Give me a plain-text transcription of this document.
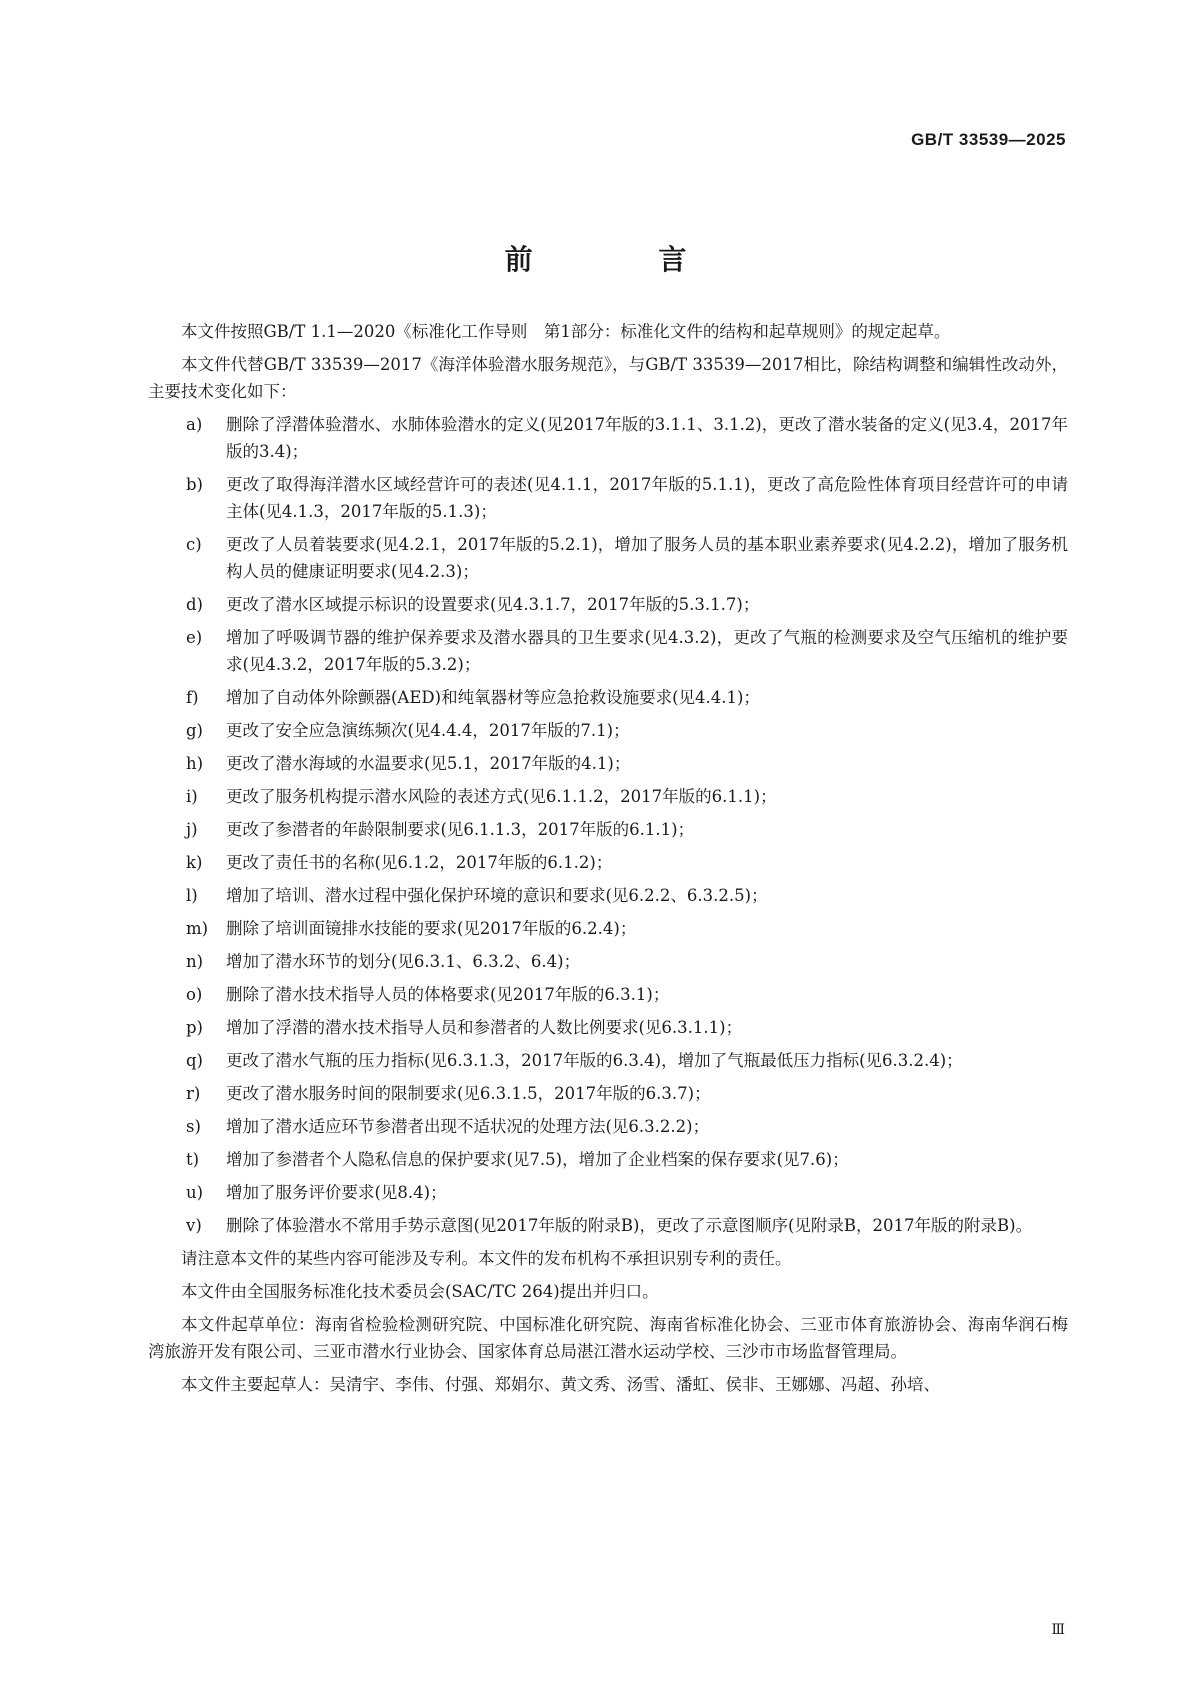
GB/T 33539—2025
前 言

本文件按照GB/T 1.1—2020《标准化工作导则　第1部分：标准化文件的结构和起草规则》的规定起草。

本文件代替GB/T 33539—2017《海洋体验潜水服务规范》，与GB/T 33539—2017相比，除结构调整和编辑性改动外，主要技术变化如下：

a)	删除了浮潜体验潜水、水肺体验潜水的定义(见2017年版的3.1.1、3.1.2)，更改了潜水装备的定义(见3.4，2017年版的3.4)；
b)	更改了取得海洋潜水区域经营许可的表述(见4.1.1，2017年版的5.1.1)，更改了高危险性体育项目经营许可的申请主体(见4.1.3，2017年版的5.1.3)；
c)	更改了人员着装要求(见4.2.1，2017年版的5.2.1)，增加了服务人员的基本职业素养要求(见4.2.2)，增加了服务机构人员的健康证明要求(见4.2.3)；
d)	更改了潜水区域提示标识的设置要求(见4.3.1.7，2017年版的5.3.1.7)；
e)	增加了呼吸调节器的维护保养要求及潜水器具的卫生要求(见4.3.2)，更改了气瓶的检测要求及空气压缩机的维护要求(见4.3.2，2017年版的5.3.2)；
f)	增加了自动体外除颤器(AED)和纯氧器材等应急抢救设施要求(见4.4.1)；
g)	更改了安全应急演练频次(见4.4.4，2017年版的7.1)；
h)	更改了潜水海域的水温要求(见5.1，2017年版的4.1)；
i)	更改了服务机构提示潜水风险的表述方式(见6.1.1.2，2017年版的6.1.1)；
j)	更改了参潜者的年龄限制要求(见6.1.1.3，2017年版的6.1.1)；
k)	更改了责任书的名称(见6.1.2，2017年版的6.1.2)；
l)	增加了培训、潜水过程中强化保护环境的意识和要求(见6.2.2、6.3.2.5)；
m)	删除了培训面镜排水技能的要求(见2017年版的6.2.4)；
n)	增加了潜水环节的划分(见6.3.1、6.3.2、6.4)；
o)	删除了潜水技术指导人员的体格要求(见2017年版的6.3.1)；
p)	增加了浮潜的潜水技术指导人员和参潜者的人数比例要求(见6.3.1.1)；
q)	更改了潜水气瓶的压力指标(见6.3.1.3，2017年版的6.3.4)，增加了气瓶最低压力指标(见6.3.2.4)；
r)	更改了潜水服务时间的限制要求(见6.3.1.5，2017年版的6.3.7)；
s)	增加了潜水适应环节参潜者出现不适状况的处理方法(见6.3.2.2)；
t)	增加了参潜者个人隐私信息的保护要求(见7.5)，增加了企业档案的保存要求(见7.6)；
u)	增加了服务评价要求(见8.4)；
v)	删除了体验潜水不常用手势示意图(见2017年版的附录B)，更改了示意图顺序(见附录B，2017年版的附录B)。

请注意本文件的某些内容可能涉及专利。本文件的发布机构不承担识别专利的责任。

本文件由全国服务标准化技术委员会(SAC/TC 264)提出并归口。

本文件起草单位：海南省检验检测研究院、中国标准化研究院、海南省标准化协会、三亚市体育旅游协会、海南华润石梅湾旅游开发有限公司、三亚市潜水行业协会、国家体育总局湛江潜水运动学校、三沙市市场监督管理局。

本文件主要起草人：吴清宇、李伟、付强、郑娟尔、黄文秀、汤雪、潘虹、侯非、王娜娜、冯超、孙培、

Ⅲ
